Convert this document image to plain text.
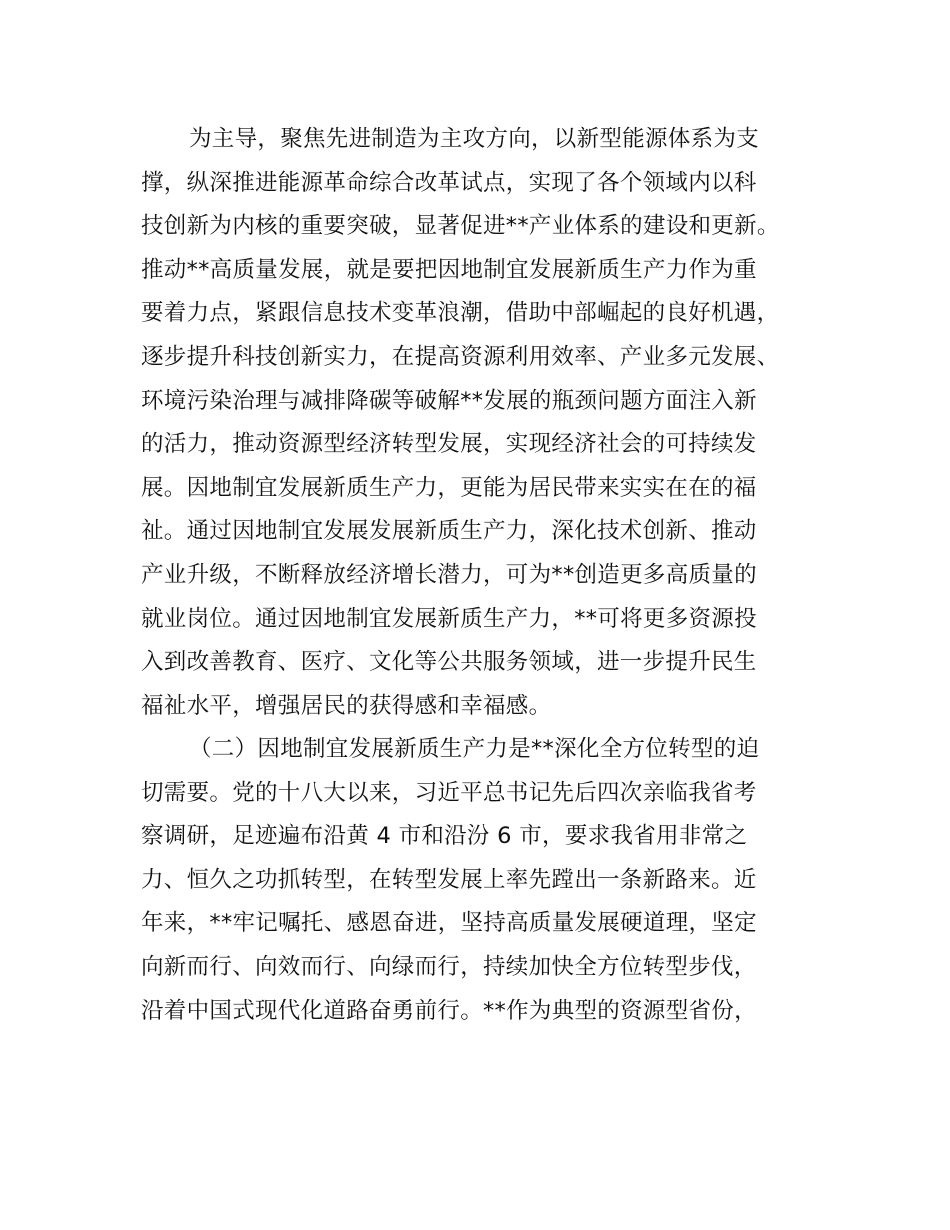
为主导，聚焦先进制造为主攻方向，以新型能源体系为支
撑，纵深推进能源革命综合改革试点，实现了各个领域内以科
技创新为内核的重要突破，显著促进**产业体系的建设和更新。
推动**高质量发展，就是要把因地制宜发展新质生产力作为重
要着力点，紧跟信息技术变革浪潮，借助中部崛起的良好机遇，
逐步提升科技创新实力，在提高资源利用效率、产业多元发展、
环境污染治理与减排降碳等破解**发展的瓶颈问题方面注入新
的活力，推动资源型经济转型发展，实现经济社会的可持续发
展。因地制宜发展新质生产力，更能为居民带来实实在在的福
祉。通过因地制宜发展发展新质生产力，深化技术创新、推动
产业升级，不断释放经济增长潜力，可为**创造更多高质量的
就业岗位。通过因地制宜发展新质生产力，**可将更多资源投
入到改善教育、医疗、文化等公共服务领域，进一步提升民生
福祉水平，增强居民的获得感和幸福感。
（二）因地制宜发展新质生产力是**深化全方位转型的迫
切需要。党的十八大以来，习近平总书记先后四次亲临我省考
察调研，足迹遍布沿黄 4 市和沿汾 6 市，要求我省用非常之
力、恒久之功抓转型，在转型发展上率先蹚出一条新路来。近
年来，**牢记嘱托、感恩奋进，坚持高质量发展硬道理，坚定
向新而行、向效而行、向绿而行，持续加快全方位转型步伐，
沿着中国式现代化道路奋勇前行。**作为典型的资源型省份，
